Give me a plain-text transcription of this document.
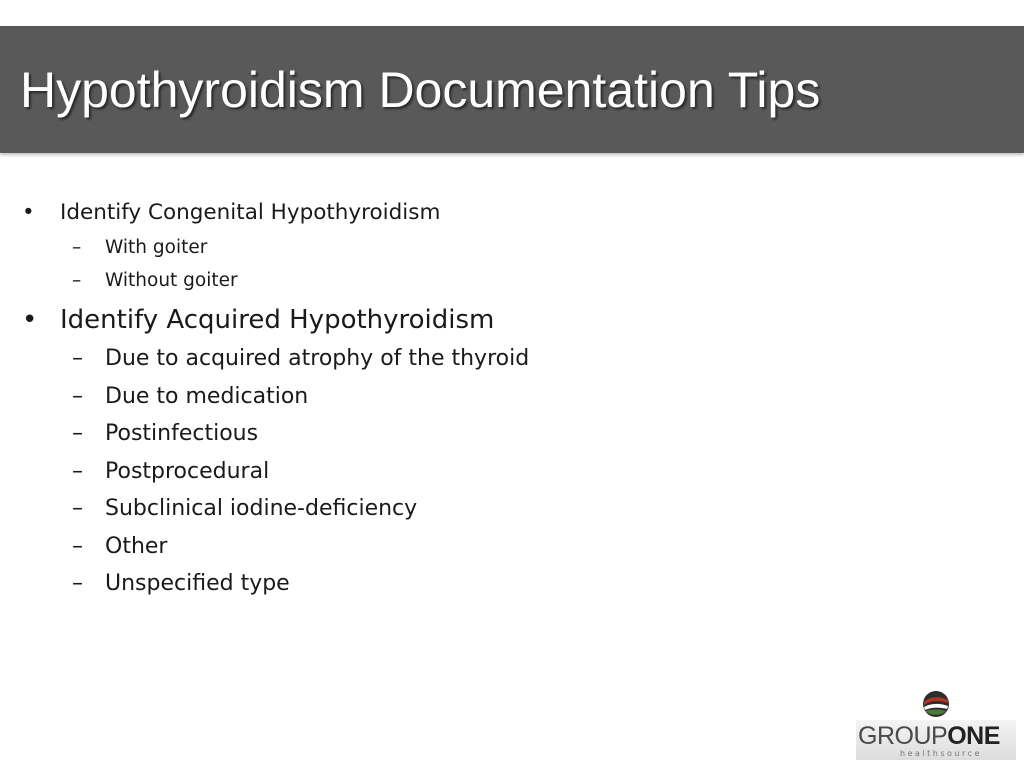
Hypothyroidism Documentation Tips
• Identify Congenital Hypothyroidism
– With goiter
– Without goiter
• Identify Acquired Hypothyroidism
– Due to acquired atrophy of the thyroid
– Due to medication
– Postinfectious
– Postprocedural
– Subclinical iodine-deficiency
– Other
– Unspecified type
GROUPONE
healthsource
